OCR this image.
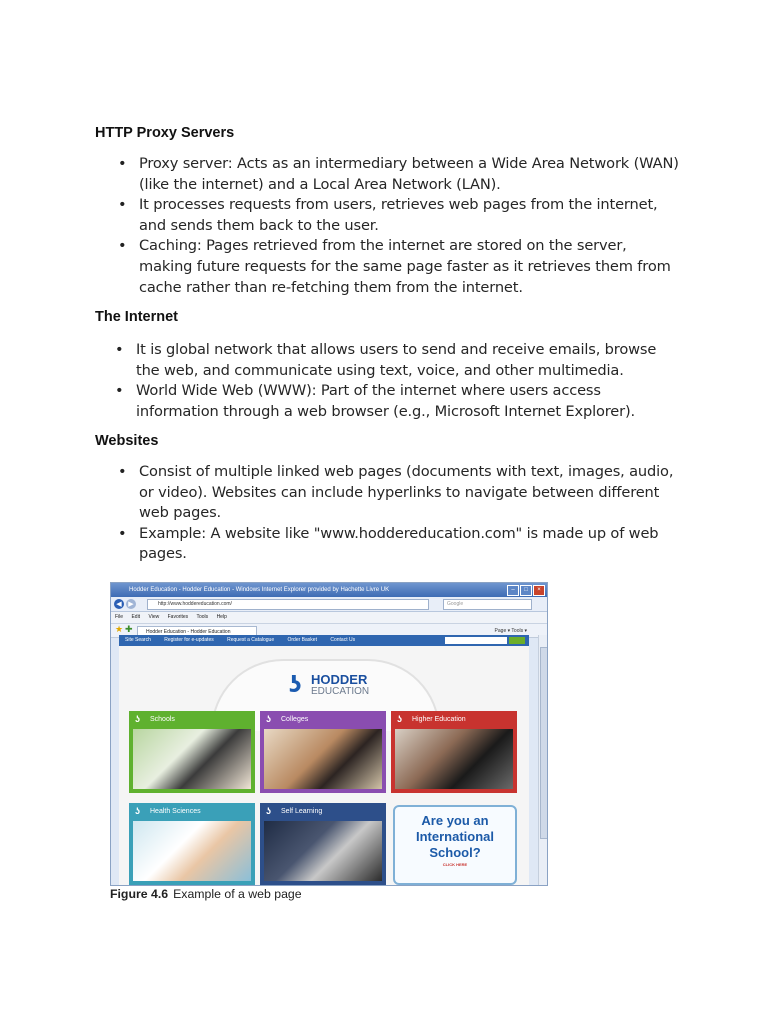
HTTP Proxy Servers
• Proxy server: Acts as an intermediary between a Wide Area Network (WAN) (like the internet) and a Local Area Network (LAN).
• It processes requests from users, retrieves web pages from the internet, and sends them back to the user.
• Caching: Pages retrieved from the internet are stored on the server, making future requests for the same page faster as it retrieves them from cache rather than re-fetching them from the internet.
The Internet
• It is global network that allows users to send and receive emails, browse the web, and communicate using text, voice, and other multimedia.
• World Wide Web (WWW): Part of the internet where users access information through a web browser (e.g., Microsoft Internet Explorer).
Websites
• Consist of multiple linked web pages (documents with text, images, audio, or video). Websites can include hyperlinks to navigate between different web pages.
• Example: A website like "www.hoddereducation.com" is made up of web pages.
Hodder Education - Hodder Education - Windows Internet Explorer provided by Hachette Livre UK	–	□	×
◀ ▶	http://www.hoddereducation.com/	Google
File Edit View Favorites Tools Help
★ ✚	Hodder Education - Hodder Education	Page ▾ Tools ▾
Site Search	Register for e-updates	Request a Catalogue	Order Basket	Contact Us
ʖ HODDER
EDUCATION
ʖ Schools	ʖ Colleges	ʖ Higher Education
ʖ Health Sciences	ʖ Self Learning
Are you an
International
School?
CLICK HERE
Figure 4.6 Example of a web page
